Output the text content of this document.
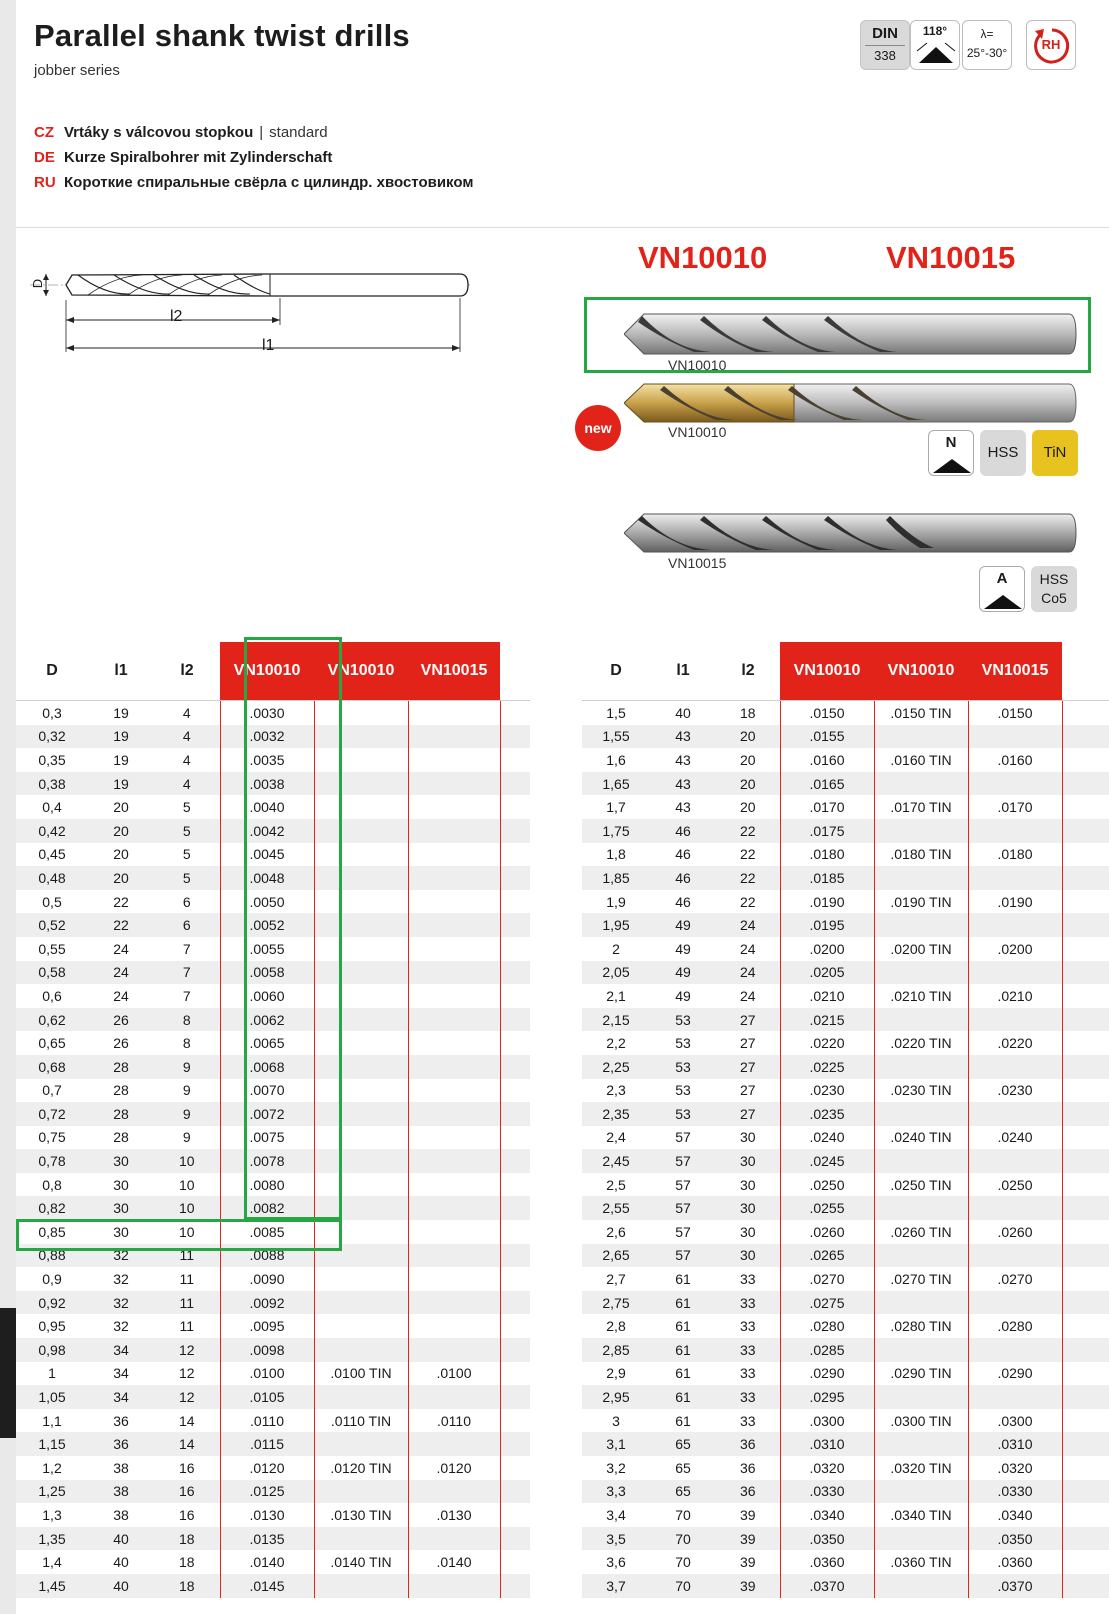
Parallel shank twist drills
jobber series
CZ Vrtáky s válcovou stopkou | standard
DE Kurze Spiralbohrer mit Zylinderschaft
RU Короткие спиральные свёрла с цилиндр. хвостовиком
DIN
338
118°	λ=
25°-30°
RH
D
l2
l1
VN10010	VN10015
VN10010
VN10010
new
N
HSS	TiN
VN10015
A	HSS
Co5
D	l1	l2	VN10010	VN10010	VN10015	
0,3	19	4	.0030			
0,32	19	4	.0032			
0,35	19	4	.0035			
0,38	19	4	.0038			
0,4	20	5	.0040			
0,42	20	5	.0042			
0,45	20	5	.0045			
0,48	20	5	.0048			
0,5	22	6	.0050			
0,52	22	6	.0052			
0,55	24	7	.0055			
0,58	24	7	.0058			
0,6	24	7	.0060			
0,62	26	8	.0062			
0,65	26	8	.0065			
0,68	28	9	.0068			
0,7	28	9	.0070			
0,72	28	9	.0072			
0,75	28	9	.0075			
0,78	30	10	.0078			
0,8	30	10	.0080			
0,82	30	10	.0082			
0,85	30	10	.0085			
0,88	32	11	.0088			
0,9	32	11	.0090			
0,92	32	11	.0092			
0,95	32	11	.0095			
0,98	34	12	.0098			
1	34	12	.0100	.0100 TIN	.0100	
1,05	34	12	.0105			
1,1	36	14	.0110	.0110 TIN	.0110	
1,15	36	14	.0115			
1,2	38	16	.0120	.0120 TIN	.0120	
1,25	38	16	.0125			
1,3	38	16	.0130	.0130 TIN	.0130	
1,35	40	18	.0135			
1,4	40	18	.0140	.0140 TIN	.0140	
1,45	40	18	.0145			
D	l1	l2	VN10010	VN10010	VN10015	
1,5	40	18	.0150	.0150 TIN	.0150	
1,55	43	20	.0155			
1,6	43	20	.0160	.0160 TIN	.0160	
1,65	43	20	.0165			
1,7	43	20	.0170	.0170 TIN	.0170	
1,75	46	22	.0175			
1,8	46	22	.0180	.0180 TIN	.0180	
1,85	46	22	.0185			
1,9	46	22	.0190	.0190 TIN	.0190	
1,95	49	24	.0195			
2	49	24	.0200	.0200 TIN	.0200	
2,05	49	24	.0205			
2,1	49	24	.0210	.0210 TIN	.0210	
2,15	53	27	.0215			
2,2	53	27	.0220	.0220 TIN	.0220	
2,25	53	27	.0225			
2,3	53	27	.0230	.0230 TIN	.0230	
2,35	53	27	.0235			
2,4	57	30	.0240	.0240 TIN	.0240	
2,45	57	30	.0245			
2,5	57	30	.0250	.0250 TIN	.0250	
2,55	57	30	.0255			
2,6	57	30	.0260	.0260 TIN	.0260	
2,65	57	30	.0265			
2,7	61	33	.0270	.0270 TIN	.0270	
2,75	61	33	.0275			
2,8	61	33	.0280	.0280 TIN	.0280	
2,85	61	33	.0285			
2,9	61	33	.0290	.0290 TIN	.0290	
2,95	61	33	.0295			
3	61	33	.0300	.0300 TIN	.0300	
3,1	65	36	.0310		.0310	
3,2	65	36	.0320	.0320 TIN	.0320	
3,3	65	36	.0330		.0330	
3,4	70	39	.0340	.0340 TIN	.0340	
3,5	70	39	.0350		.0350	
3,6	70	39	.0360	.0360 TIN	.0360	
3,7	70	39	.0370		.0370	
